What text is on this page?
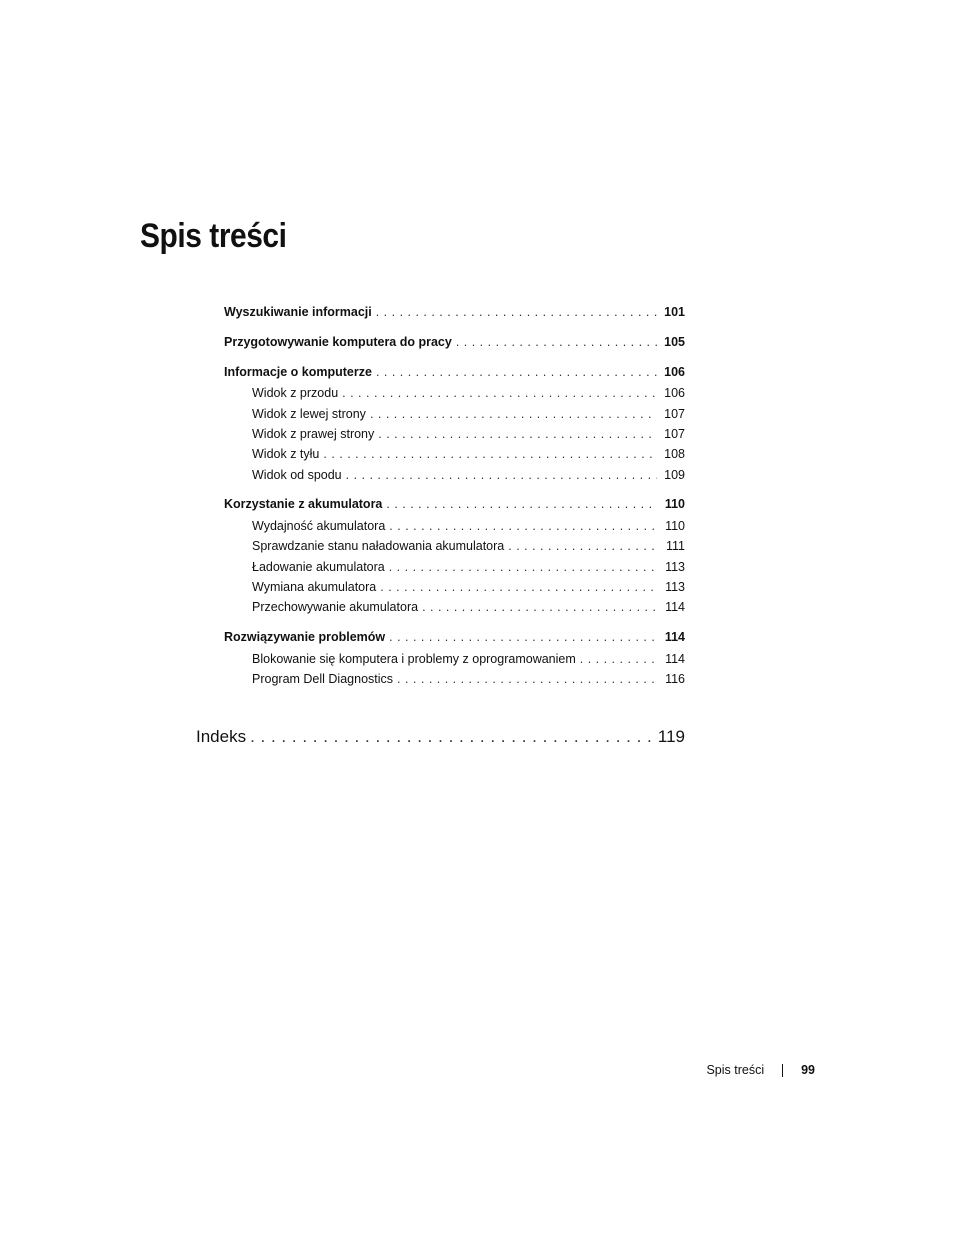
Spis treści
Wyszukiwanie informacji . . .	101
Przygotowywanie komputera do pracy . . .	105
Informacje o komputerze . . .	106
Widok z przodu . . .	106
Widok z lewej strony . . .	107
Widok z prawej strony . . .	107
Widok z tyłu . . .	108
Widok od spodu . . .	109
Korzystanie z akumulatora . . .	110
Wydajność akumulatora . . .	110
Sprawdzanie stanu naładowania akumulatora . . .	111
Ładowanie akumulatora . . .	113
Wymiana akumulatora . . .	113
Przechowywanie akumulatora . . .	114
Rozwiązywanie problemów . . .	114
Blokowanie się komputera i problemy z oprogramowaniem . . .	114
Program Dell Diagnostics . . .	116
Indeks . . .	119
Spis treści	99
